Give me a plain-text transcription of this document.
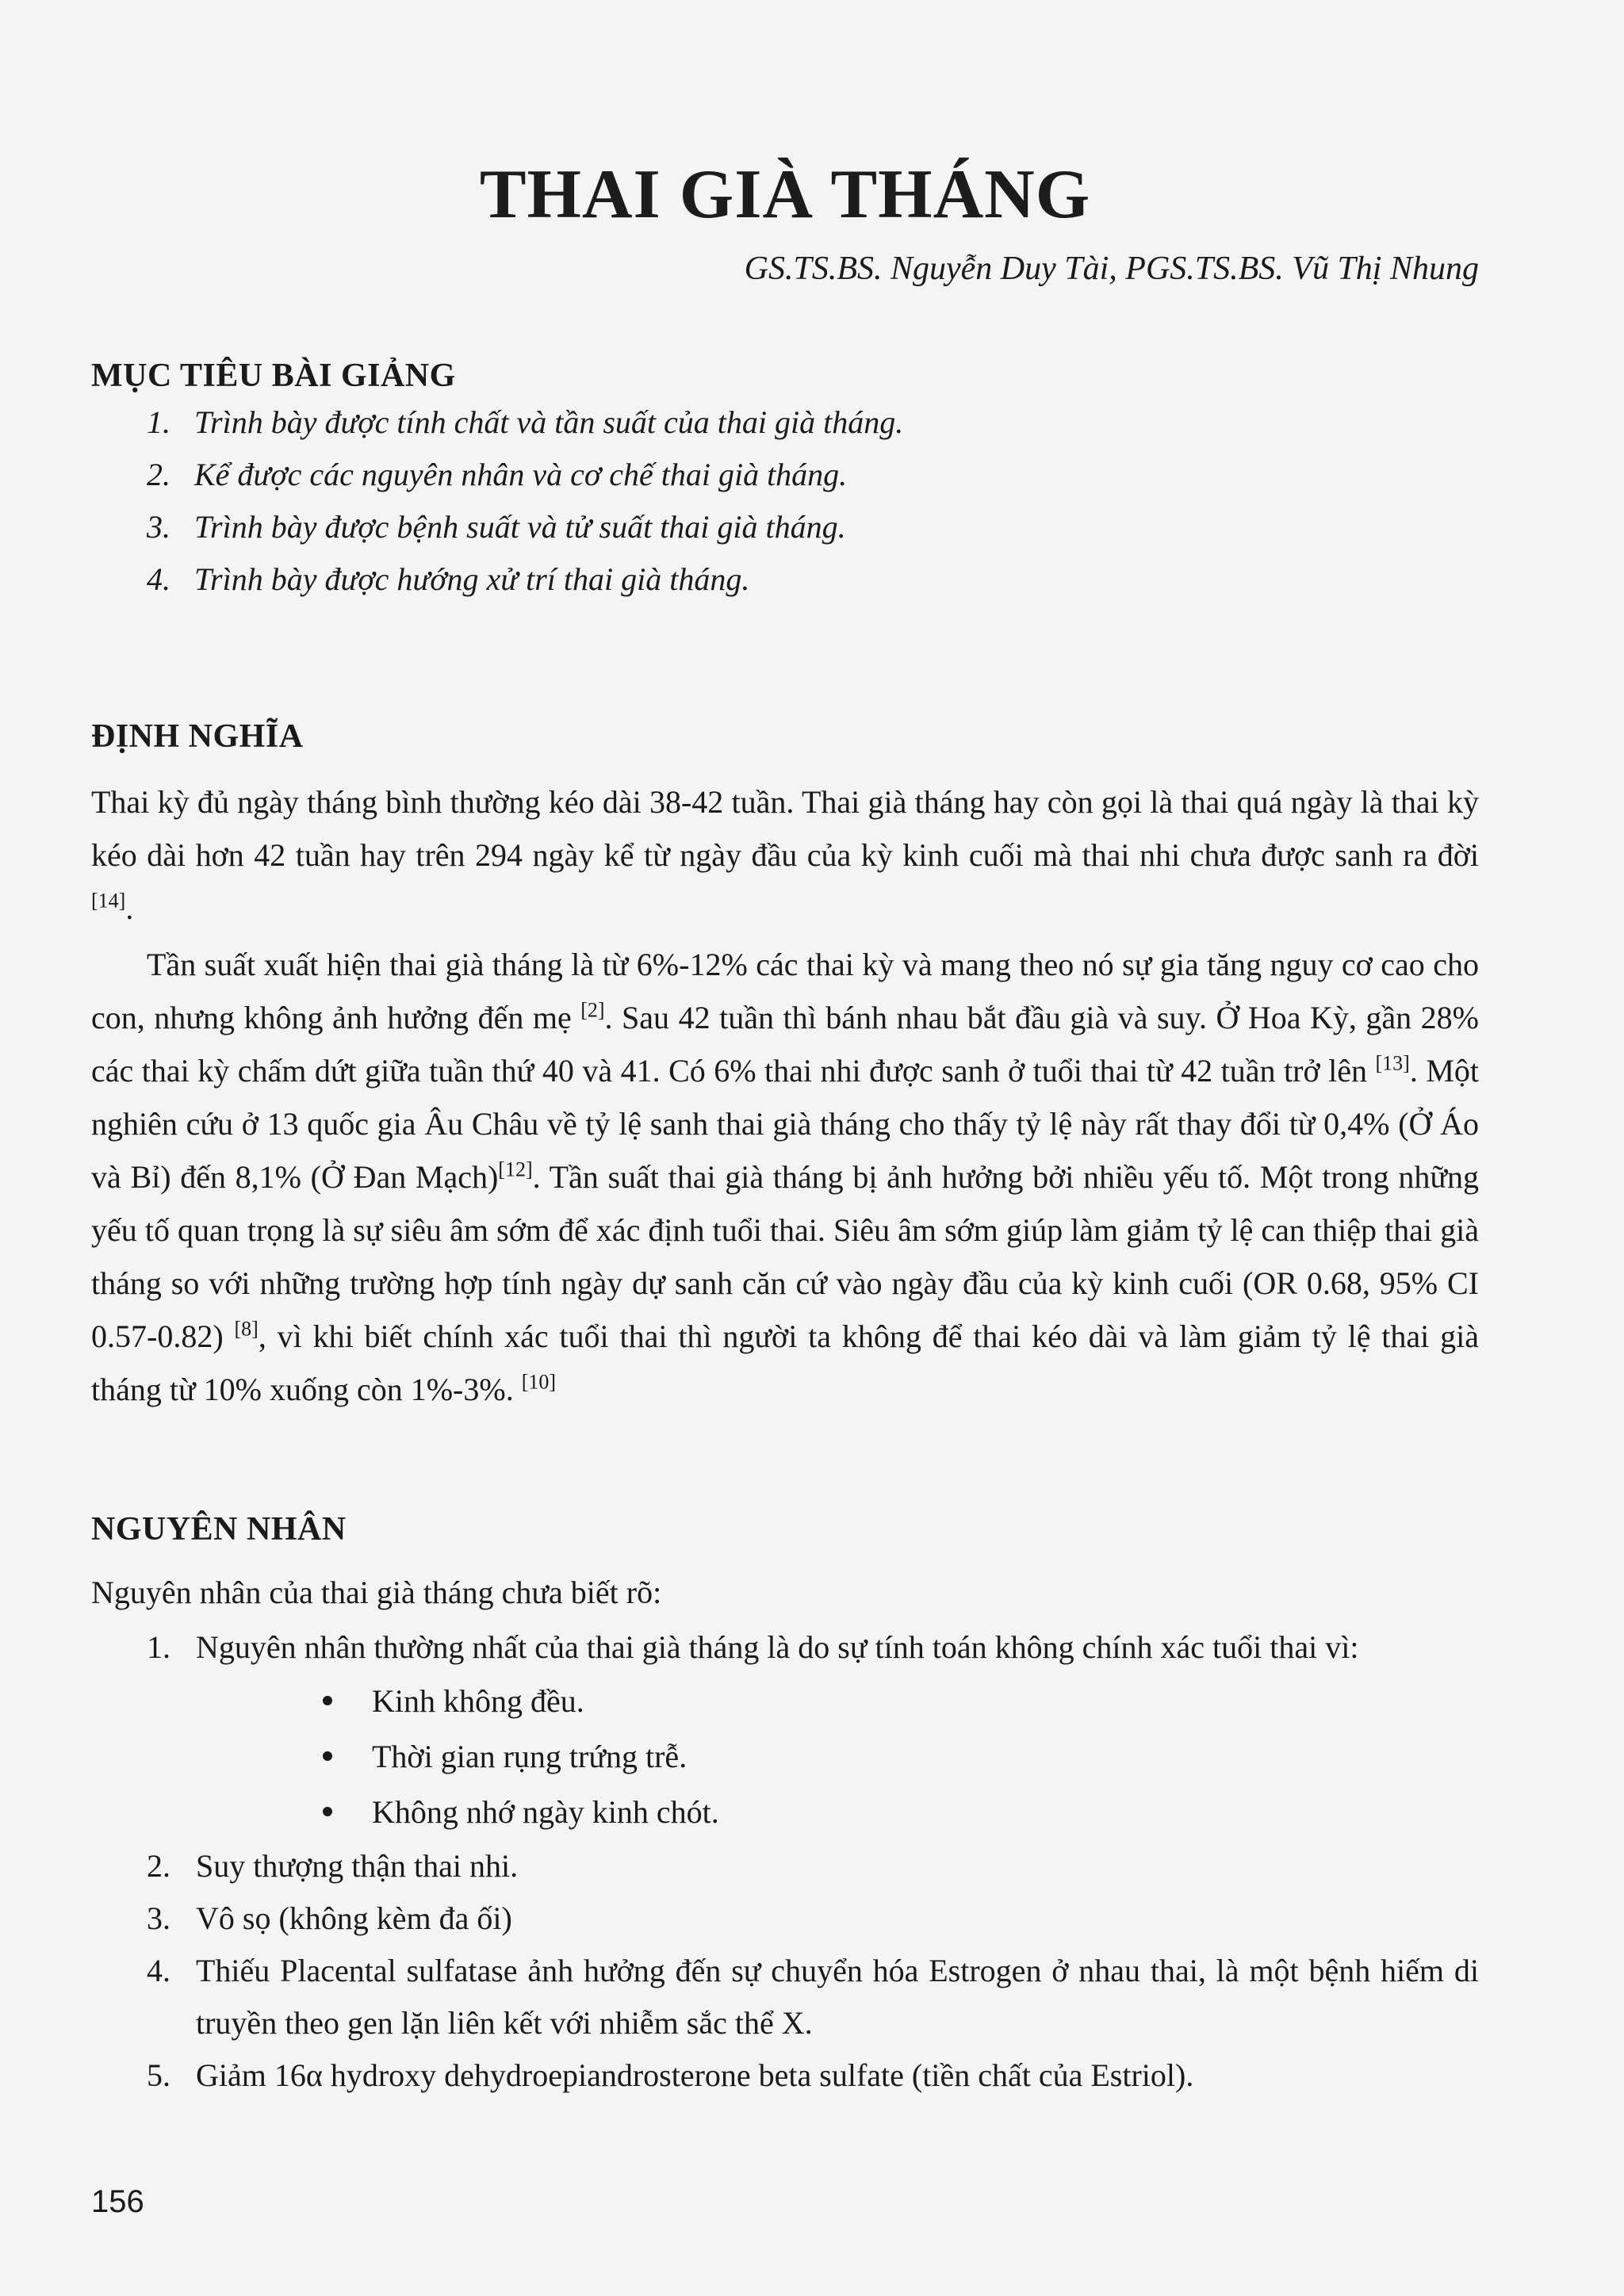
THAI GIÀ THÁNG

GS.TS.BS. Nguyễn Duy Tài, PGS.TS.BS. Vũ Thị Nhung

MỤC TIÊU BÀI GIẢNG
1. Trình bày được tính chất và tần suất của thai già tháng.
2. Kể được các nguyên nhân và cơ chế thai già tháng.
3. Trình bày được bệnh suất và tử suất thai già tháng.
4. Trình bày được hướng xử trí thai già tháng.
ĐỊNH NGHĨA

Thai kỳ đủ ngày tháng bình thường kéo dài 38-42 tuần. Thai già tháng hay còn gọi là thai quá ngày là thai kỳ kéo dài hơn 42 tuần hay trên 294 ngày kể từ ngày đầu của kỳ kinh cuối mà thai nhi chưa được sanh ra đời [14].

Tần suất xuất hiện thai già tháng là từ 6%-12% các thai kỳ và mang theo nó sự gia tăng nguy cơ cao cho con, nhưng không ảnh hưởng đến mẹ [2]. Sau 42 tuần thì bánh nhau bắt đầu già và suy. Ở Hoa Kỳ, gần 28% các thai kỳ chấm dứt giữa tuần thứ 40 và 41. Có 6% thai nhi được sanh ở tuổi thai từ 42 tuần trở lên [13]. Một nghiên cứu ở 13 quốc gia Âu Châu về tỷ lệ sanh thai già tháng cho thấy tỷ lệ này rất thay đổi từ 0,4% (Ở Áo và Bỉ) đến 8,1% (Ở Đan Mạch)[12]. Tần suất thai già tháng bị ảnh hưởng bởi nhiều yếu tố. Một trong những yếu tố quan trọng là sự siêu âm sớm để xác định tuổi thai. Siêu âm sớm giúp làm giảm tỷ lệ can thiệp thai già tháng so với những trường hợp tính ngày dự sanh căn cứ vào ngày đầu của kỳ kinh cuối (OR 0.68, 95% CI 0.57-0.82) [8], vì khi biết chính xác tuổi thai thì người ta không để thai kéo dài và làm giảm tỷ lệ thai già tháng từ 10% xuống còn 1%-3%. [10]

NGUYÊN NHÂN

Nguyên nhân của thai già tháng chưa biết rõ:

1. Nguyên nhân thường nhất của thai già tháng là do sự tính toán không chính xác tuổi thai vì:
Kinh không đều.
Thời gian rụng trứng trễ.
Không nhớ ngày kinh chót.
2. Suy thượng thận thai nhi.
3. Vô sọ (không kèm đa ối)
4. Thiếu Placental sulfatase ảnh hưởng đến sự chuyển hóa Estrogen ở nhau thai, là một bệnh hiếm di truyền theo gen lặn liên kết với nhiễm sắc thể X.
5. Giảm 16α hydroxy dehydroepiandrosterone beta sulfate (tiền chất của Estriol).

156
